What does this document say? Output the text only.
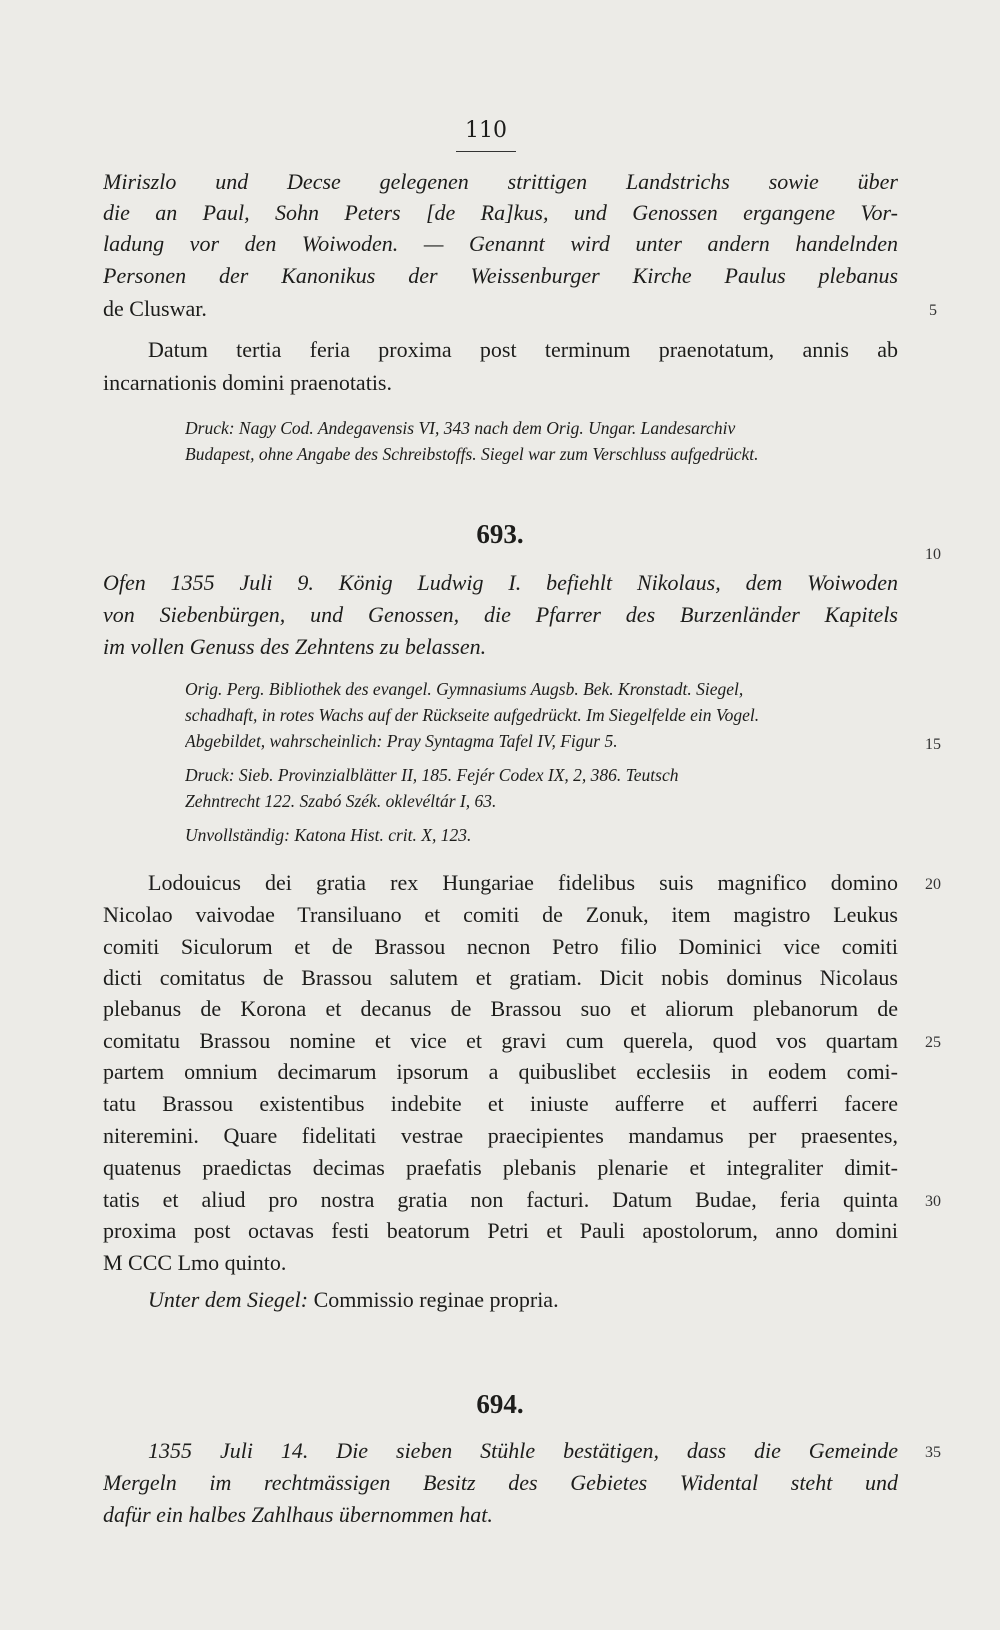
110
Miriszlo und Decse gelegenen strittigen Landstrichs sowie über
die an Paul, Sohn Peters [de Ra]kus, und Genossen ergangene Vor-
ladung vor den Woiwoden. — Genannt wird unter andern handelnden
Personen der Kanonikus der Weissenburger Kirche Paulus plebanus
de Cluswar.
Datum tertia feria proxima post terminum praenotatum, annis ab
incarnationis domini praenotatis.
Druck: Nagy Cod. Andegavensis VI, 343 nach dem Orig. Ungar. Landesarchiv
Budapest, ohne Angabe des Schreibstoffs. Siegel war zum Verschluss aufgedrückt.
693.
Ofen 1355 Juli 9. König Ludwig I. befiehlt Nikolaus, dem Woiwoden
von Siebenbürgen, und Genossen, die Pfarrer des Burzenländer Kapitels
im vollen Genuss des Zehntens zu belassen.
Orig. Perg. Bibliothek des evangel. Gymnasiums Augsb. Bek. Kronstadt. Siegel,
schadhaft, in rotes Wachs auf der Rückseite aufgedrückt. Im Siegelfelde ein Vogel.
Abgebildet, wahrscheinlich: Pray Syntagma Tafel IV, Figur 5.
Druck: Sieb. Provinzialblätter II, 185. Fejér Codex IX, 2, 386. Teutsch
Zehntrecht 122. Szabó Szék. oklevéltár I, 63.
Unvollständig: Katona Hist. crit. X, 123.
Lodouicus dei gratia rex Hungariae fidelibus suis magnifico domino
Nicolao vaivodae Transiluano et comiti de Zonuk, item magistro Leukus
comiti Siculorum et de Brassou necnon Petro filio Dominici vice comiti
dicti comitatus de Brassou salutem et gratiam. Dicit nobis dominus Nicolaus
plebanus de Korona et decanus de Brassou suo et aliorum plebanorum de
comitatu Brassou nomine et vice et gravi cum querela, quod vos quartam
partem omnium decimarum ipsorum a quibuslibet ecclesiis in eodem comi-
tatu Brassou existentibus indebite et iniuste aufferre et aufferri facere
niteremini. Quare fidelitati vestrae praecipientes mandamus per praesentes,
quatenus praedictas decimas praefatis plebanis plenarie et integraliter dimit-
tatis et aliud pro nostra gratia non facturi. Datum Budae, feria quinta
proxima post octavas festi beatorum Petri et Pauli apostolorum, anno domini
M CCC Lmo quinto.
Unter dem Siegel: Commissio reginae propria.
694.
1355 Juli 14. Die sieben Stühle bestätigen, dass die Gemeinde
Mergeln im rechtmässigen Besitz des Gebietes Widental steht und
dafür ein halbes Zahlhaus übernommen hat.
5
10
15
20
25
30
35
